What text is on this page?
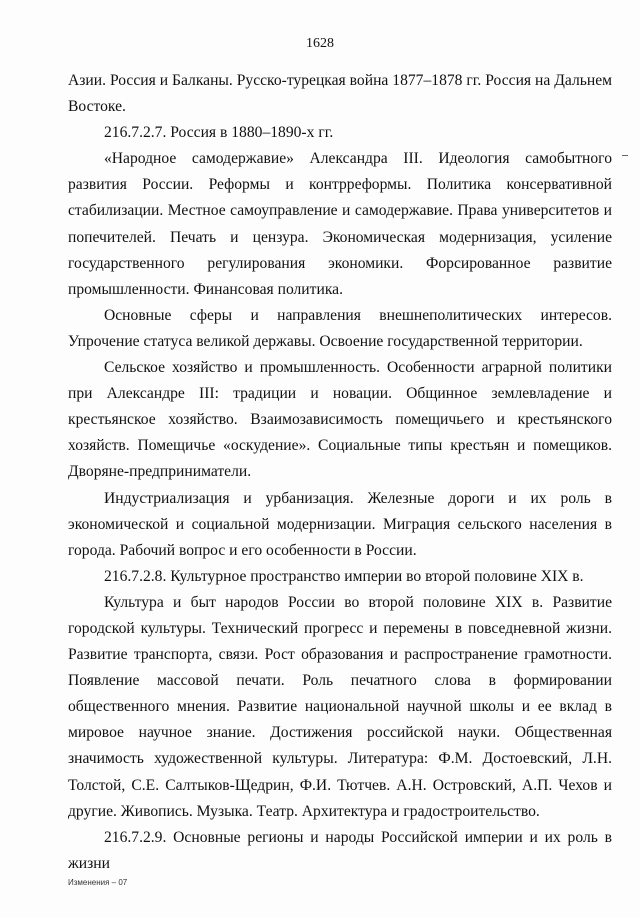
1628

Азии. Россия и Балканы. Русско-турецкая война 1877–1878 гг. Россия на Дальнем Востоке.

216.7.2.7. Россия в 1880–1890-х гг.

«Народное самодержавие» Александра III. Идеология самобытного развития России. Реформы и контрреформы. Политика консервативной стабилизации. Местное самоуправление и самодержавие. Права университетов и попечителей. Печать и цензура. Экономическая модернизация, усиление государственного регулирования экономики. Форсированное развитие промышленности. Финансовая политика.

Основные сферы и направления внешнеполитических интересов. Упрочение статуса великой державы. Освоение государственной территории.

Сельское хозяйство и промышленность. Особенности аграрной политики при Александре III: традиции и новации. Общинное землевладение и крестьянское хозяйство. Взаимозависимость помещичьего и крестьянского хозяйств. Помещичье «оскудение». Социальные типы крестьян и помещиков. Дворяне-предприниматели.

Индустриализация и урбанизация. Железные дороги и их роль в экономической и социальной модернизации. Миграция сельского населения в города. Рабочий вопрос и его особенности в России.

216.7.2.8. Культурное пространство империи во второй половине XIX в.

Культура и быт народов России во второй половине XIX в. Развитие городской культуры. Технический прогресс и перемены в повседневной жизни. Развитие транспорта, связи. Рост образования и распространение грамотности. Появление массовой печати. Роль печатного слова в формировании общественного мнения. Развитие национальной научной школы и ее вклад в мировое научное знание. Достижения российской науки. Общественная значимость художественной культуры. Литература: Ф.М. Достоевский, Л.Н. Толстой, С.Е. Салтыков-Щедрин, Ф.И. Тютчев. А.Н. Островский, А.П. Чехов и другие. Живопись. Музыка. Театр. Архитектура и градостроительство.

216.7.2.9. Основные регионы и народы Российской империи и их роль в жизни

Изменения – 07
